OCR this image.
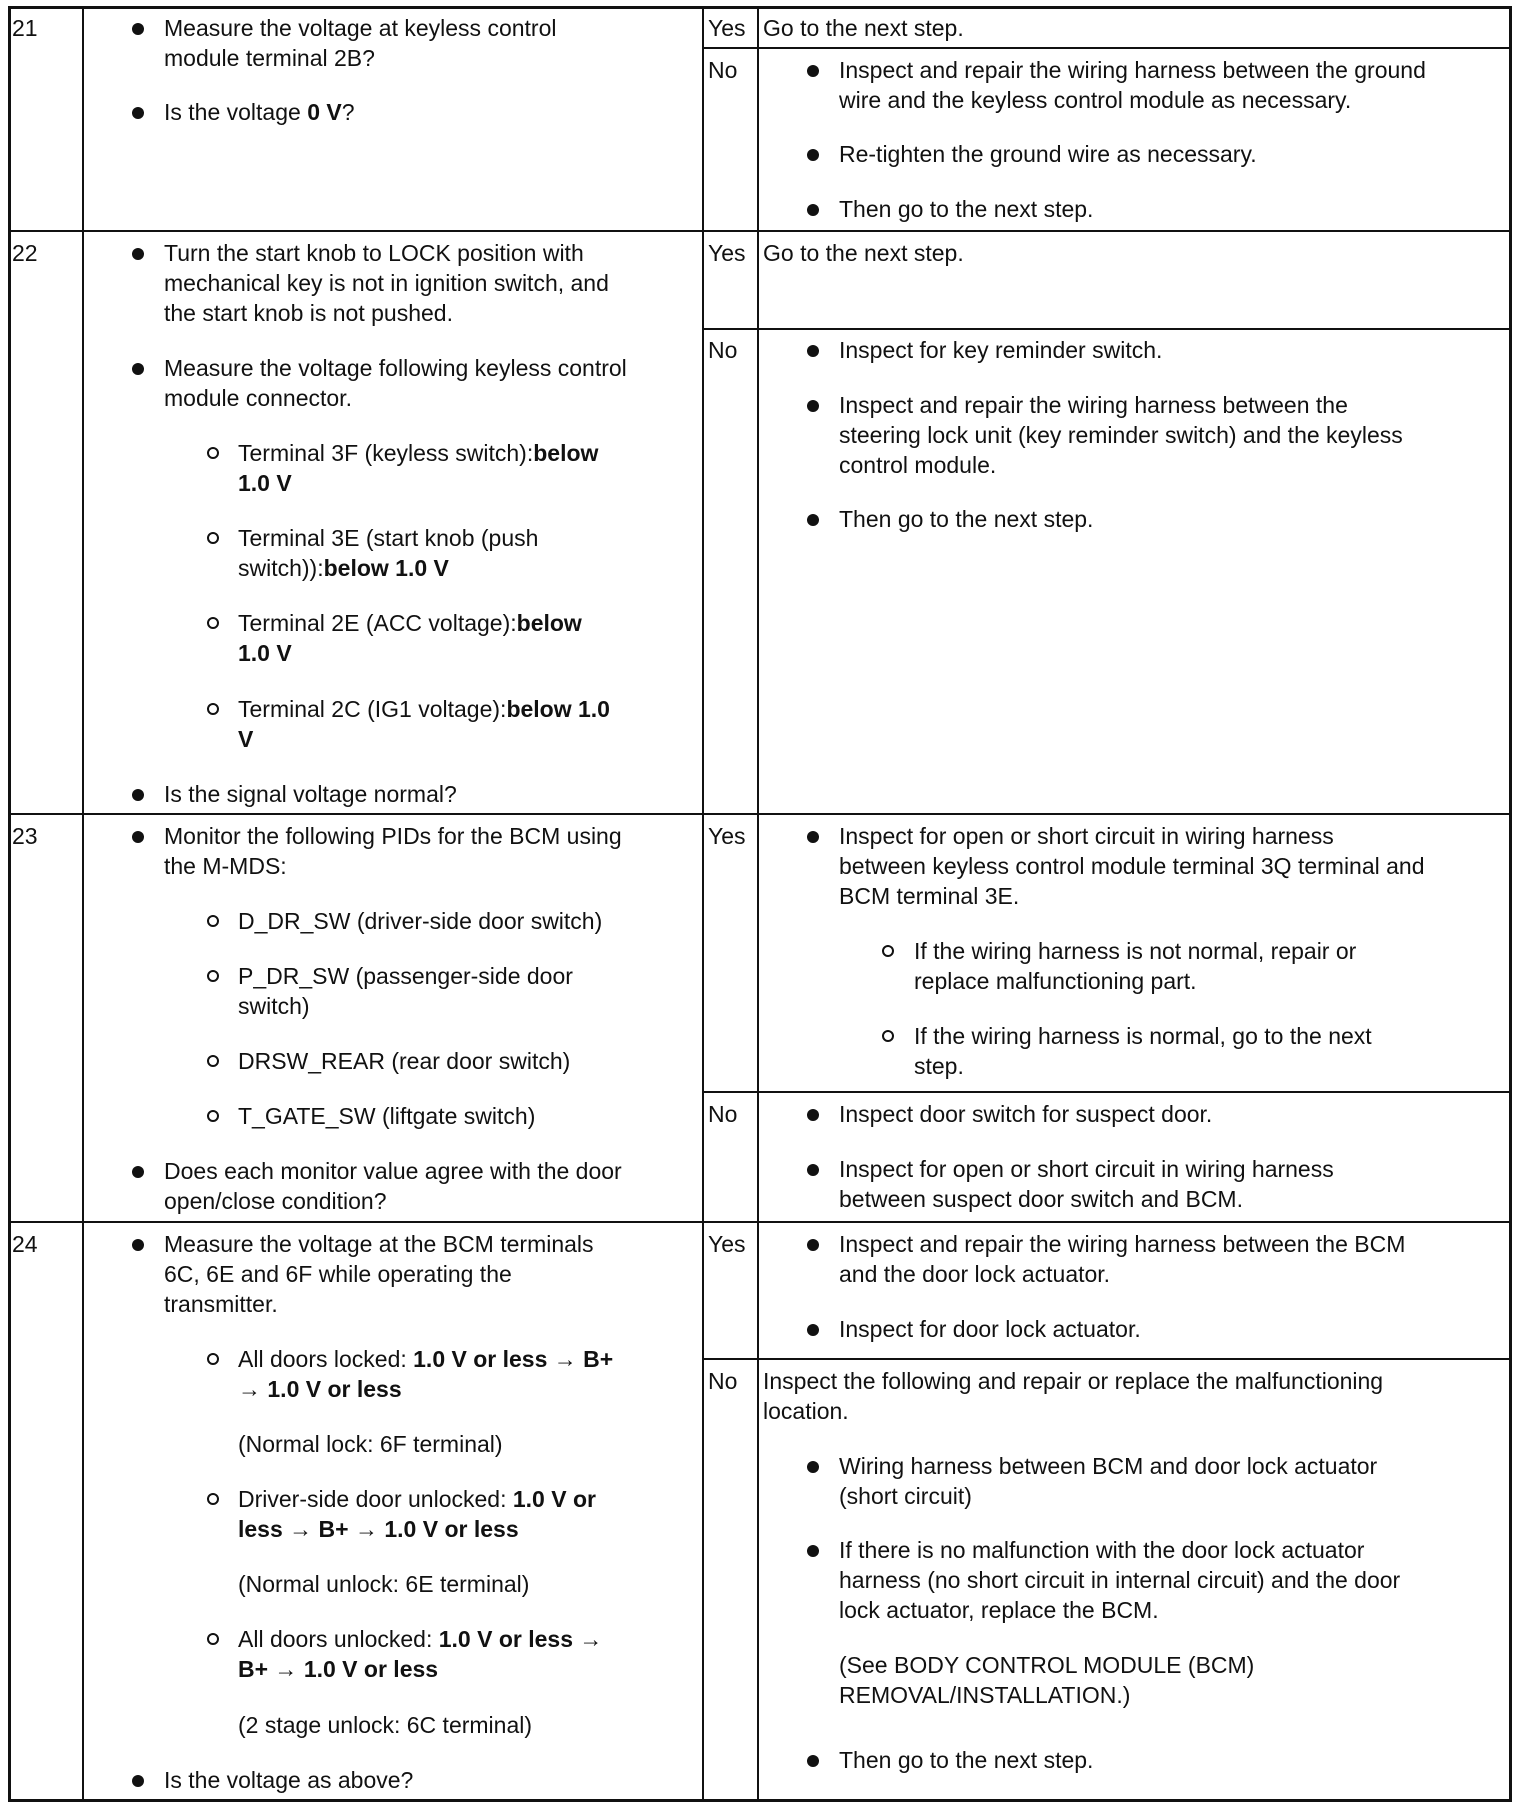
21	Measure the voltage at keyless control
module terminal 2B?
Is the voltage 0 V?
Yes Go to the next step.
No	Inspect and repair the wiring harness between the ground
wire and the keyless control module as necessary.
Re-tighten the ground wire as necessary.
Then go to the next step.
22	Turn the start knob to LOCK position with
mechanical key is not in ignition switch, and
the start knob is not pushed.
Measure the voltage following keyless control
module connector.
Terminal 3F (keyless switch):below
1.0 V
Terminal 3E (start knob (push
switch)):below 1.0 V
Terminal 2E (ACC voltage):below
1.0 V
Terminal 2C (IG1 voltage):below 1.0
V
Is the signal voltage normal?
Yes Go to the next step.
No	Inspect for key reminder switch.
Inspect and repair the wiring harness between the
steering lock unit (key reminder switch) and the keyless
control module.
Then go to the next step.
23	Monitor the following PIDs for the BCM using
the M-MDS:
D_DR_SW (driver-side door switch)
P_DR_SW (passenger-side door
switch)
DRSW_REAR (rear door switch)
T_GATE_SW (liftgate switch)
Does each monitor value agree with the door
open/close condition?
Yes	Inspect for open or short circuit in wiring harness
between keyless control module terminal 3Q terminal and
BCM terminal 3E.
If the wiring harness is not normal, repair or
replace malfunctioning part.
If the wiring harness is normal, go to the next
step.
No	Inspect door switch for suspect door.
Inspect for open or short circuit in wiring harness
between suspect door switch and BCM.
24	Measure the voltage at the BCM terminals
6C, 6E and 6F while operating the
transmitter.
All doors locked: 1.0 V or less → B+
→ 1.0 V or less
(Normal lock: 6F terminal)
Driver-side door unlocked: 1.0 V or
less → B+ → 1.0 V or less
(Normal unlock: 6E terminal)
All doors unlocked: 1.0 V or less →
B+ → 1.0 V or less
(2 stage unlock: 6C terminal)
Is the voltage as above?
Yes	Inspect and repair the wiring harness between the BCM
and the door lock actuator.
Inspect for door lock actuator.
No Inspect the following and repair or replace the malfunctioning
location.
Wiring harness between BCM and door lock actuator
(short circuit)
If there is no malfunction with the door lock actuator
harness (no short circuit in internal circuit) and the door
lock actuator, replace the BCM.
(See BODY CONTROL MODULE (BCM)
REMOVAL/INSTALLATION.)
Then go to the next step.
